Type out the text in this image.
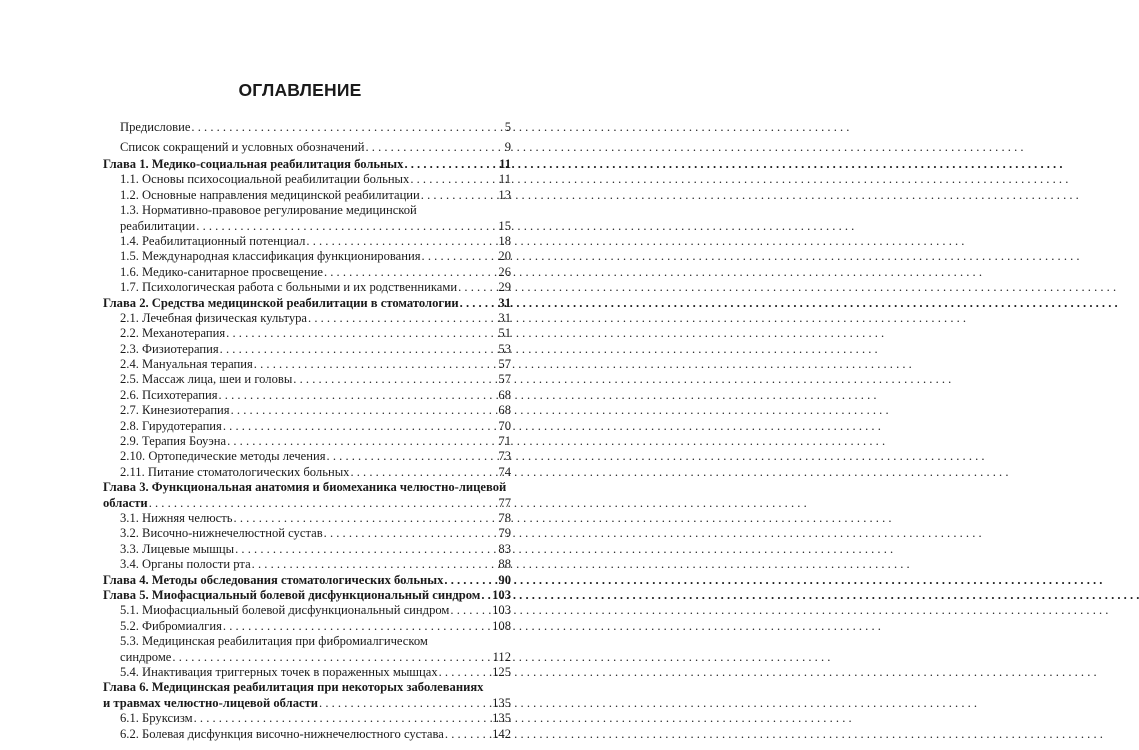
ОГЛАВЛЕНИЕ
Предисловие . . .	5
Список сокращений и условных обозначений . . .	9
Глава 1. Медико-социальная реабилитация больных . . .	11
1.1. Основы психосоциальной реабилитации больных . . .	11
1.2. Основные направления медицинской реабилитации . . .	13
1.3. Нормативно-правовое регулирование медицинской
реабилитации . . .	15
1.4. Реабилитационный потенциал . . .	18
1.5. Международная классификация функционирования . . .	20
1.6. Медико-санитарное просвещение . . .	26
1.7. Психологическая работа с больными и их родственниками . . .	29
Глава 2. Средства медицинской реабилитации в стоматологии . . .	31
2.1. Лечебная физическая культура . . .	31
2.2. Механотерапия . . .	51
2.3. Физиотерапия . . .	53
2.4. Мануальная терапия . . .	57
2.5. Массаж лица, шеи и головы . . .	57
2.6. Психотерапия . . .	68
2.7. Кинезиотерапия . . .	68
2.8. Гирудотерапия . . .	70
2.9. Терапия Боуэна . . .	71
2.10. Ортопедические методы лечения . . .	73
2.11. Питание стоматологических больных . . .	74
Глава 3. Функциональная анатомия и биомеханика челюстно-лицевой
области . . .	77
3.1. Нижняя челюсть . . .	78
3.2. Височно-нижнечелюстной сустав . . .	79
3.3. Лицевые мышцы . . .	83
3.4. Органы полости рта . . .	88
Глава 4. Методы обследования стоматологических больных . . .	90
Глава 5. Миофасциальный болевой дисфункциональный синдром . . . 103
5.1. Миофасциальный болевой дисфункциональный синдром . . .	103
5.2. Фибромиалгия . . .	108
5.3. Медицинская реабилитация при фибромиалгическом
синдроме . . .	112
5.4. Инактивация триггерных точек в пораженных мышцах . . .	125
Глава 6. Медицинская реабилитация при некоторых заболеваниях
и травмах челюстно-лицевой области . . .	135
6.1. Бруксизм . . .	135
6.2. Болевая дисфункция височно-нижнечелюстного сустава . . .	142
